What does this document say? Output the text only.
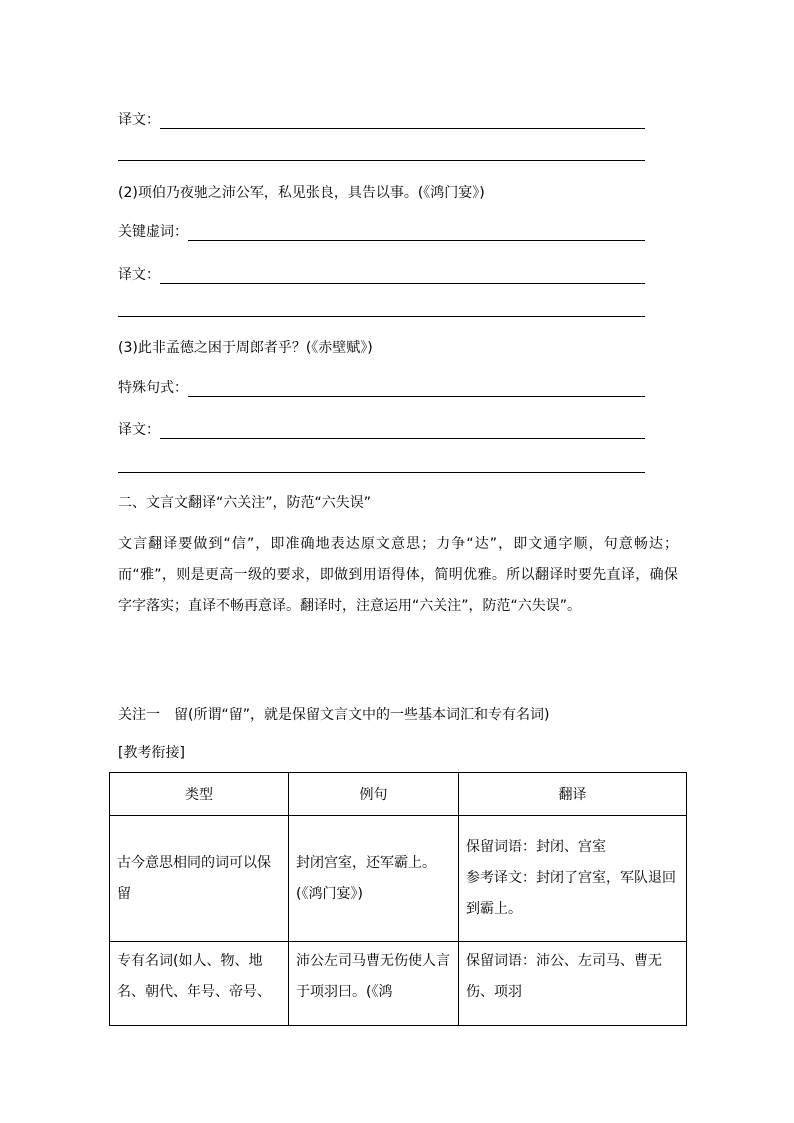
译文：
(2)项伯乃夜驰之沛公军，私见张良，具告以事。(《鸿门宴》)
关键虚词：
译文：
(3)此非孟德之困于周郎者乎？(《赤壁赋》)
特殊句式：
译文：
二、文言文翻译“六关注”，防范“六失误”
文言翻译要做到“信”，即准确地表达原文意思；力争“达”，即文通字顺，句意畅达；而“雅”，则是更高一级的要求，即做到用语得体，简明优雅。所以翻译时要先直译，确保字字落实；直译不畅再意译。翻译时，注意运用“六关注”，防范“六失误”。
关注一　留(所谓“留”，就是保留文言文中的一些基本词汇和专有名词)
[教考衔接]
类型	例句	翻译
古今意思相同的词可以保留	封闭宫室，还军霸上。(《鸿门宴》)	保留词语：封闭、宫室
参考译文：封闭了宫室，军队退回到霸上。

专有名词(如人、物、地名、朝代、年号、帝号、	沛公左司马曹无伤使人言于项羽曰。(《鸿	保留词语：沛公、左司马、曹无伤、项羽
